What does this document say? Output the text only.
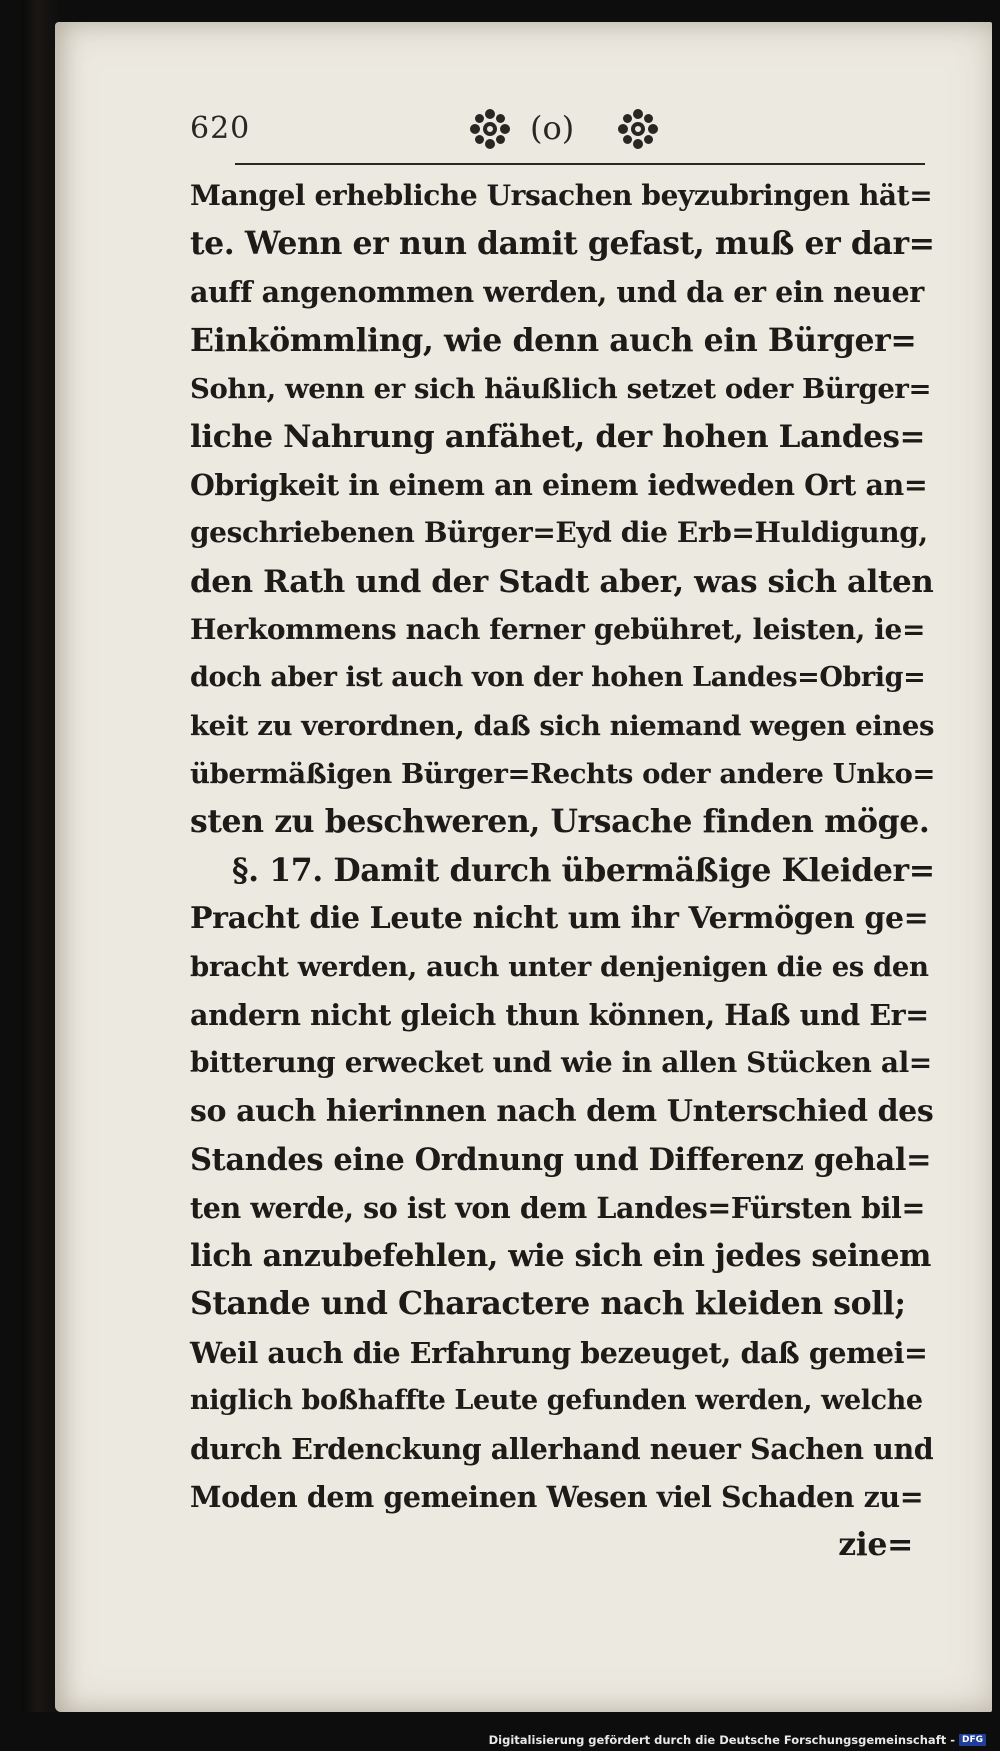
620	(o)
Mangel erhebliche Ursachen beyzubringen hät=
te. Wenn er nun damit gefast, muß er dar=
auff angenommen werden, und da er ein neuer
Einkömmling, wie denn auch ein Bürger=
Sohn, wenn er sich häußlich setzet oder Bürger=
liche Nahrung anfähet, der hohen Landes=
Obrigkeit in einem an einem iedweden Ort an=
geschriebenen Bürger=Eyd die Erb=Huldigung,
den Rath und der Stadt aber, was sich alten
Herkommens nach ferner gebühret, leisten, ie=
doch aber ist auch von der hohen Landes=Obrig=
keit zu verordnen, daß sich niemand wegen eines
übermäßigen Bürger=Rechts oder andere Unko=
sten zu beschweren, Ursache finden möge.
§. 17. Damit durch übermäßige Kleider=
Pracht die Leute nicht um ihr Vermögen ge=
bracht werden, auch unter denjenigen die es den
andern nicht gleich thun können, Haß und Er=
bitterung erwecket und wie in allen Stücken al=
so auch hierinnen nach dem Unterschied des
Standes eine Ordnung und Differenz gehal=
ten werde, so ist von dem Landes=Fürsten bil=
lich anzubefehlen, wie sich ein jedes seinem
Stande und Charactere nach kleiden soll;
Weil auch die Erfahrung bezeuget, daß gemei=
niglich boßhaffte Leute gefunden werden, welche
durch Erdenckung allerhand neuer Sachen und
Moden dem gemeinen Wesen viel Schaden zu=
zie=
Digitalisierung gefördert durch die Deutsche Forschungsgemeinschaft - DFG
